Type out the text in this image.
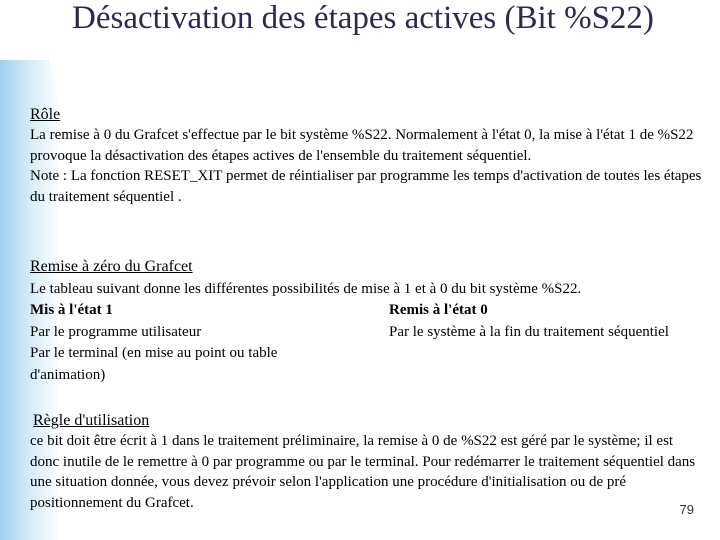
Désactivation des étapes actives (Bit %S22)
Rôle

La remise à 0 du Grafcet s'effectue par le bit système %S22. Normalement à l'état 0, la mise à l'état 1 de %S22 provoque la désactivation des étapes actives de l'ensemble du traitement séquentiel.

Note : La fonction RESET_XIT permet de réintialiser par programme les temps d'activation de toutes les étapes du traitement séquentiel .

Remise à zéro du Grafcet
Le tableau suivant donne les différentes possibilités de mise à 1 et à 0 du bit système %S22.
Mis à l'état 1
Par le programme utilisateur
Par le terminal (en mise au point ou table d'animation)
Remis à l'état 0
Par le système à la fin du traitement séquentiel
Règle d'utilisation
ce bit doit être écrit à 1 dans le traitement préliminaire, la remise à 0 de %S22 est géré par le système; il est donc inutile de le remettre à 0 par programme ou par le terminal. Pour redémarrer le traitement séquentiel dans une situation donnée, vous devez prévoir selon l'application une procédure d'initialisation ou de pré positionnement du Grafcet.	79
